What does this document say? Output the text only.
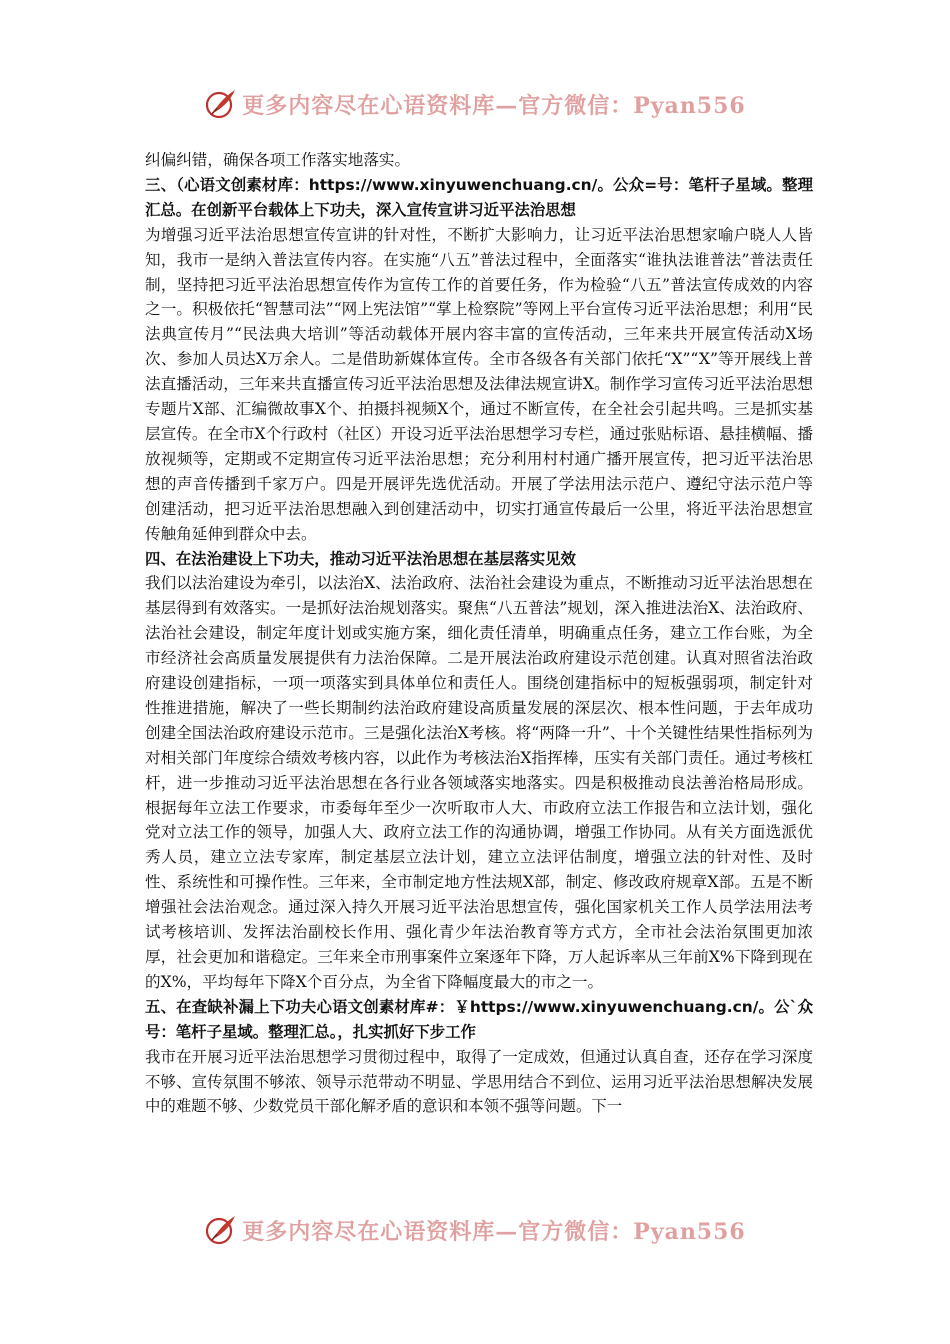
更多内容尽在心语资料库—官方微信：Pyan556

纠偏纠错，确保各项工作落实地落实。

三、（心语文创素材库：https://www.xinyuwenchuang.cn/。公众=号：笔杆子星域。整理汇总。在创新平台载体上下功夫，深入宣传宣讲习近平法治思想

为增强习近平法治思想宣传宣讲的针对性，不断扩大影响力，让习近平法治思想家喻户晓人人皆知，我市一是纳入普法宣传内容。在实施“八五”普法过程中，全面落实“谁执法谁普法”普法责任制，坚持把习近平法治思想宣传作为宣传工作的首要任务，作为检验“八五”普法宣传成效的内容之一。积极依托“智慧司法”“网上宪法馆”“掌上检察院”等网上平台宣传习近平法治思想；利用“民法典宣传月”“民法典大培训”等活动载体开展内容丰富的宣传活动，三年来共开展宣传活动X场次、参加人员达X万余人。二是借助新媒体宣传。全市各级各有关部门依托“X”“X”等开展线上普法直播活动，三年来共直播宣传习近平法治思想及法律法规宣讲X。制作学习宣传习近平法治思想专题片X部、汇编微故事X个、拍摄抖视频X个，通过不断宣传，在全社会引起共鸣。三是抓实基层宣传。在全市X个行政村（社区）开设习近平法治思想学习专栏，通过张贴标语、悬挂横幅、播放视频等，定期或不定期宣传习近平法治思想；充分利用村村通广播开展宣传，把习近平法治思想的声音传播到千家万户。四是开展评先选优活动。开展了学法用法示范户、遵纪守法示范户等创建活动，把习近平法治思想融入到创建活动中，切实打通宣传最后一公里，将近平法治思想宣传触角延伸到群众中去。

四、在法治建设上下功夫，推动习近平法治思想在基层落实见效

我们以法治建设为牵引，以法治X、法治政府、法治社会建设为重点，不断推动习近平法治思想在基层得到有效落实。一是抓好法治规划落实。聚焦“八五普法”规划，深入推进法治X、法治政府、法治社会建设，制定年度计划或实施方案，细化责任清单，明确重点任务，建立工作台账，为全市经济社会高质量发展提供有力法治保障。二是开展法治政府建设示范创建。认真对照省法治政府建设创建指标，一项一项落实到具体单位和责任人。围绕创建指标中的短板强弱项，制定针对性推进措施，解决了一些长期制约法治政府建设高质量发展的深层次、根本性问题，于去年成功创建全国法治政府建设示范市。三是强化法治X考核。将“两降一升”、十个关键性结果性指标列为对相关部门年度综合绩效考核内容，以此作为考核法治X指挥棒，压实有关部门责任。通过考核杠杆，进一步推动习近平法治思想在各行业各领域落实地落实。四是积极推动良法善治格局形成。根据每年立法工作要求，市委每年至少一次听取市人大、市政府立法工作报告和立法计划，强化党对立法工作的领导，加强人大、政府立法工作的沟通协调，增强工作协同。从有关方面选派优秀人员，建立立法专家库，制定基层立法计划，建立立法评估制度，增强立法的针对性、及时性、系统性和可操作性。三年来，全市制定地方性法规X部，制定、修改政府规章X部。五是不断增强社会法治观念。通过深入持久开展习近平法治思想宣传，强化国家机关工作人员学法用法考试考核培训、发挥法治副校长作用、强化青少年法治教育等方式方，全市社会法治氛围更加浓厚，社会更加和谐稳定。三年来全市刑事案件立案逐年下降，万人起诉率从三年前X%下降到现在的X%，平均每年下降X个百分点，为全省下降幅度最大的市之一。

五、在查缺补漏上下功夫心语文创素材库#：￥https://www.xinyuwenchuang.cn/。公`众号：笔杆子星域。整理汇总。，扎实抓好下步工作

我市在开展习近平法治思想学习贯彻过程中，取得了一定成效，但通过认真自查，还存在学习深度不够、宣传氛围不够浓、领导示范带动不明显、学思用结合不到位、运用习近平法治思想解决发展中的难题不够、少数党员干部化解矛盾的意识和本领不强等问题。下一

更多内容尽在心语资料库—官方微信：Pyan556
